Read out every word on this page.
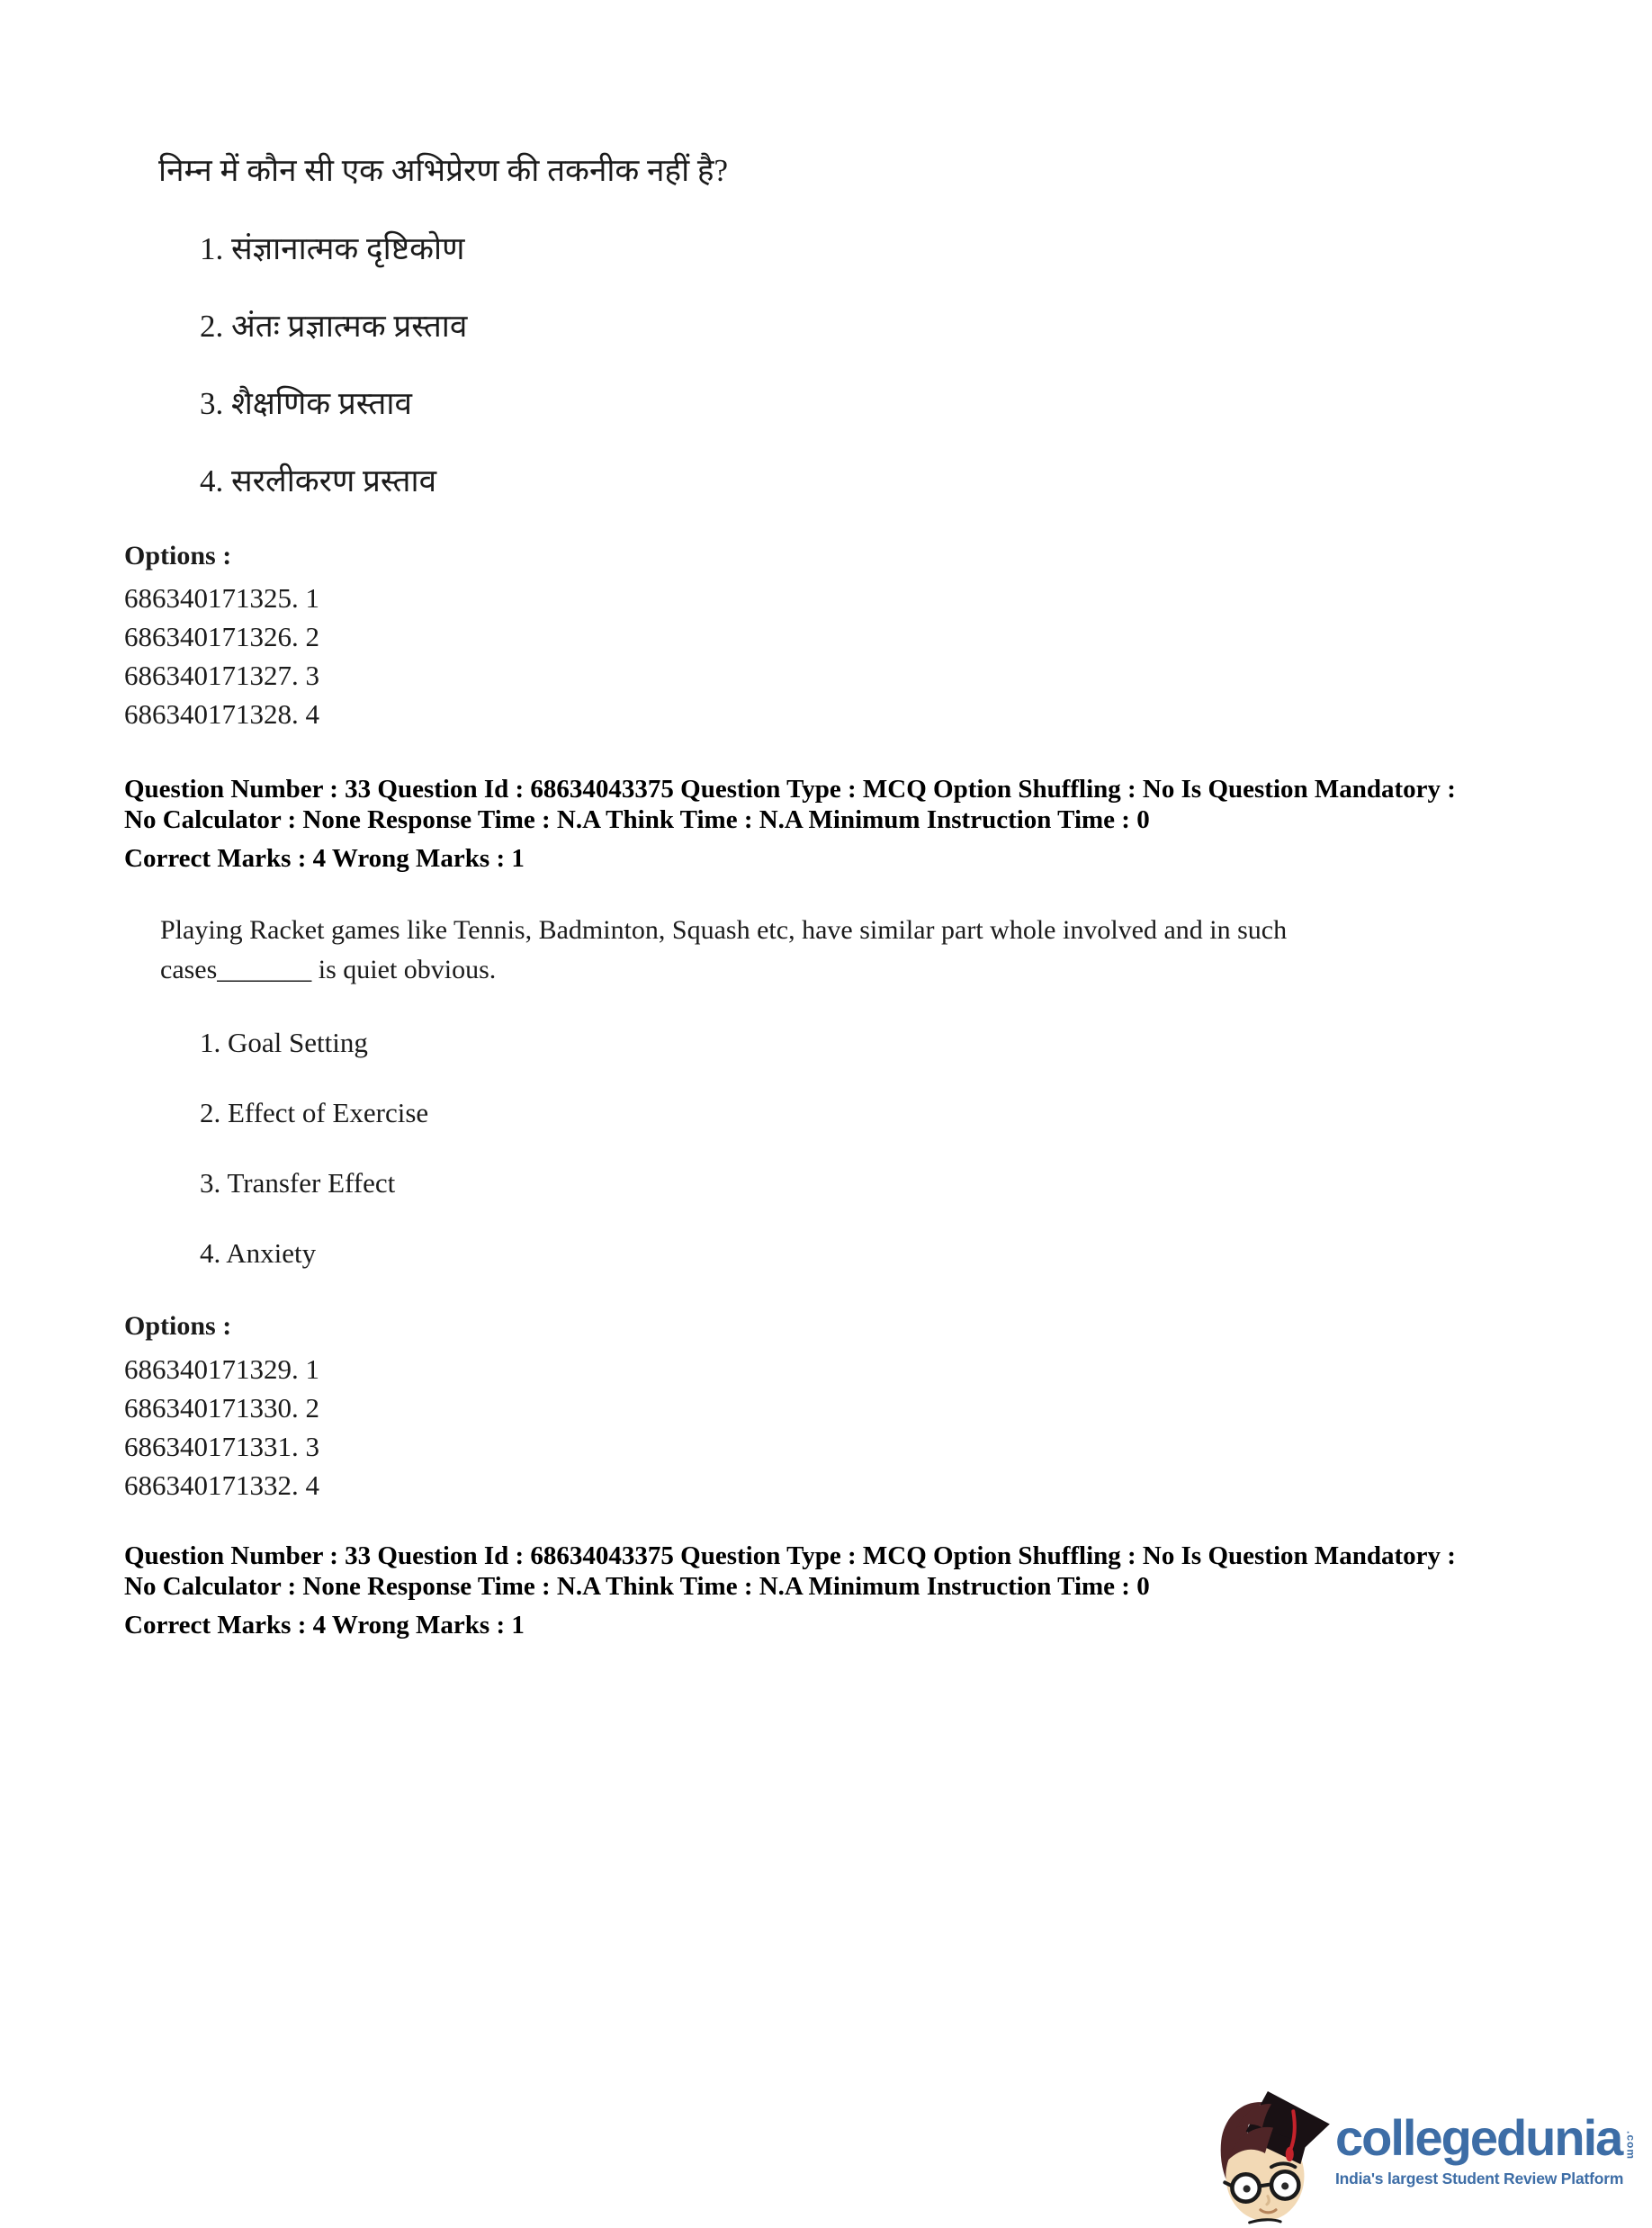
निम्न में कौन सी एक अभिप्रेरण की तकनीक नहीं है?
1. संज्ञानात्मक दृष्टिकोण
2. अंतः प्रज्ञात्मक प्रस्ताव
3. शैक्षणिक प्रस्ताव
4. सरलीकरण प्रस्ताव
Options :
686340171325. 1
686340171326. 2
686340171327. 3
686340171328. 4
Question Number : 33 Question Id : 68634043375 Question Type : MCQ Option Shuffling : No Is Question Mandatory :
No Calculator : None Response Time : N.A Think Time : N.A Minimum Instruction Time : 0
Correct Marks : 4 Wrong Marks : 1
Playing Racket games like Tennis, Badminton, Squash etc, have similar part whole involved and in such
cases_______ is quiet obvious.
1. Goal Setting
2. Effect of Exercise
3. Transfer Effect
4. Anxiety
Options :
686340171329. 1
686340171330. 2
686340171331. 3
686340171332. 4
Question Number : 33 Question Id : 68634043375 Question Type : MCQ Option Shuffling : No Is Question Mandatory :
No Calculator : None Response Time : N.A Think Time : N.A Minimum Instruction Time : 0
Correct Marks : 4 Wrong Marks : 1
collegedunia .com
India's largest Student Review Platform
